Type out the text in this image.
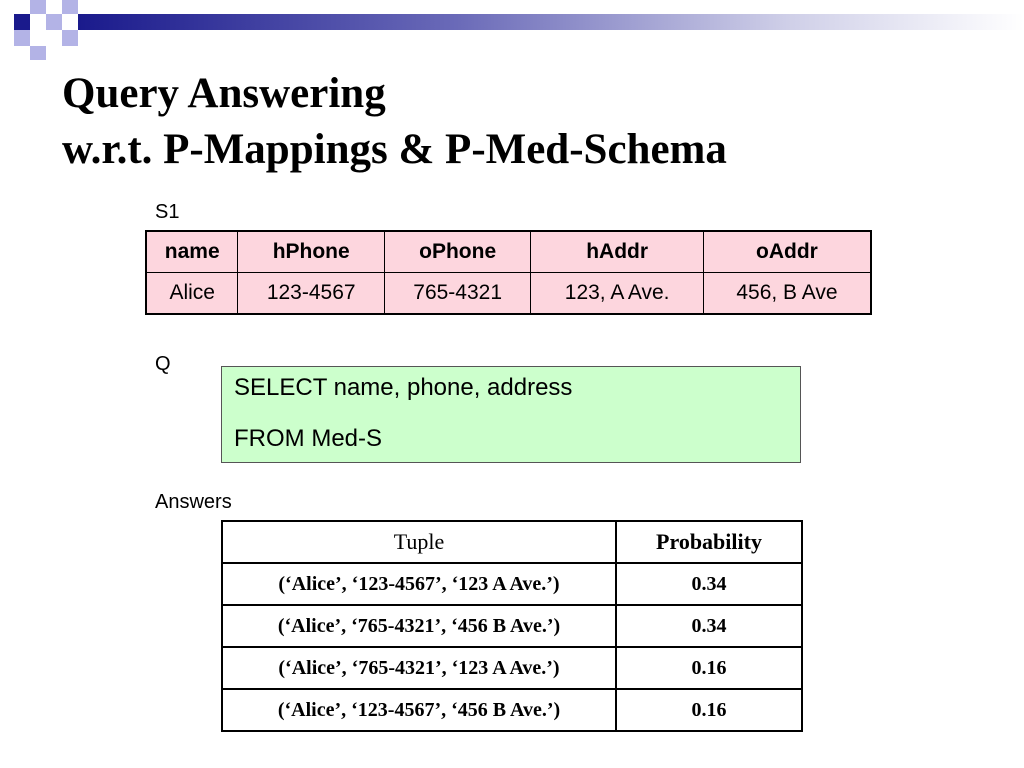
Query Answering
w.r.t. P-Mappings & P-Med-Schema
S1
name	hPhone	oPhone	hAddr	oAddr
Alice	123-4567	765-4321	123, A Ave.	456, B Ave
Q
SELECT name, phone, address
FROM Med-S
Answers
Tuple	Probability
(‘Alice’, ‘123-4567’, ‘123 A Ave.’)	0.34
(‘Alice’, ‘765-4321’, ‘456 B Ave.’)	0.34
(‘Alice’, ‘765-4321’, ‘123 A Ave.’)	0.16
(‘Alice’, ‘123-4567’, ‘456 B Ave.’)	0.16
